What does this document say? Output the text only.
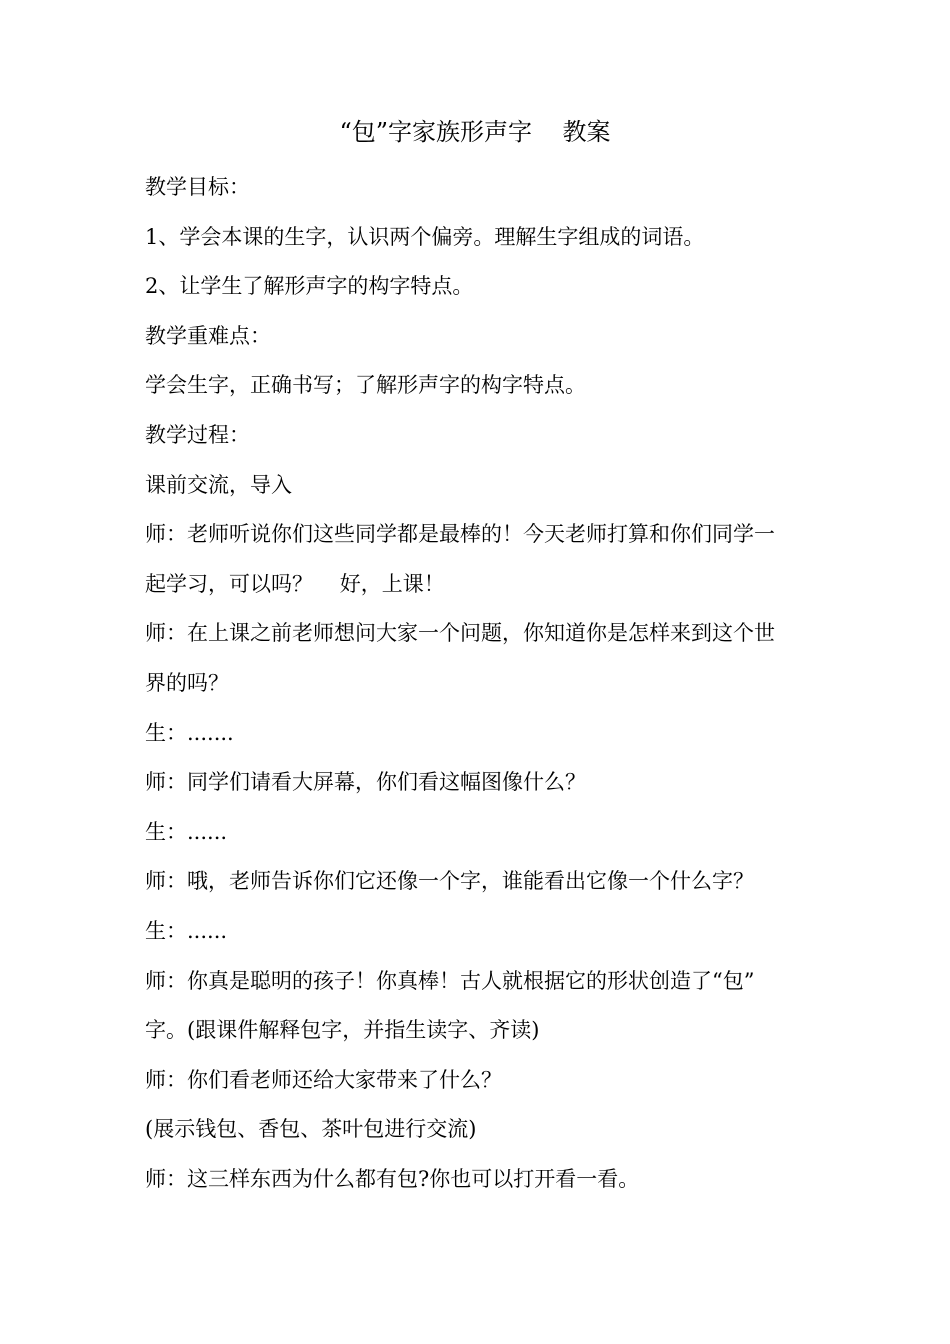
“包”字家族形声字    教案
教学目标：
1、学会本课的生字，认识两个偏旁。理解生字组成的词语。
2、让学生了解形声字的构字特点。
教学重难点：
学会生字，正确书写；了解形声字的构字特点。
教学过程：
课前交流，导入
师：老师听说你们这些同学都是最棒的！今天老师打算和你们同学一
起学习，可以吗？    好，上课！
师：在上课之前老师想问大家一个问题，你知道你是怎样来到这个世
界的吗？
生：.......
师：同学们请看大屏幕，你们看这幅图像什么？
生：......
师：哦，老师告诉你们它还像一个字，谁能看出它像一个什么字？
生：......
师：你真是聪明的孩子！你真棒！古人就根据它的形状创造了“包”
字。(跟课件解释包字，并指生读字、齐读)
师：你们看老师还给大家带来了什么？
(展示钱包、香包、茶叶包进行交流)
师：这三样东西为什么都有包?你也可以打开看一看。
